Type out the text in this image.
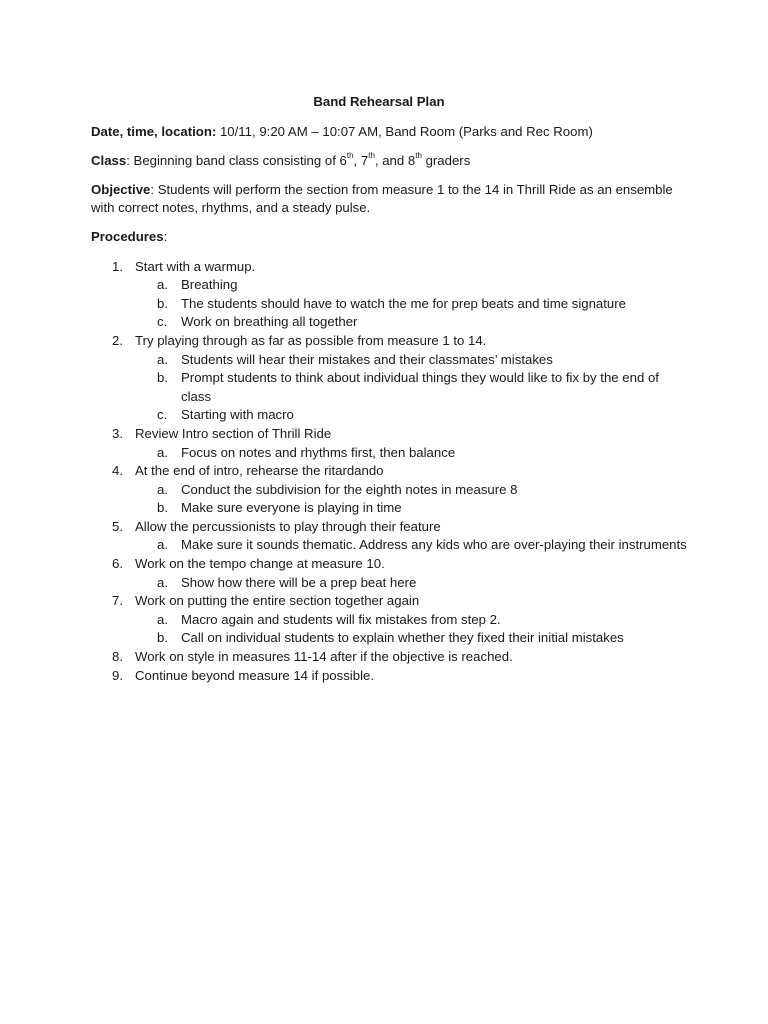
Band Rehearsal Plan
Date, time, location: 10/11, 9:20 AM – 10:07 AM, Band Room (Parks and Rec Room)
Class: Beginning band class consisting of 6th, 7th, and 8th graders
Objective: Students will perform the section from measure 1 to the 14 in Thrill Ride as an ensemble with correct notes, rhythms, and a steady pulse.
Procedures:
1. Start with a warmup.
a. Breathing
b. The students should have to watch the me for prep beats and time signature
c. Work on breathing all together
2. Try playing through as far as possible from measure 1 to 14.
a. Students will hear their mistakes and their classmates’ mistakes
b. Prompt students to think about individual things they would like to fix by the end of class
c. Starting with macro
3. Review Intro section of Thrill Ride
a. Focus on notes and rhythms first, then balance
4. At the end of intro, rehearse the ritardando
a. Conduct the subdivision for the eighth notes in measure 8
b. Make sure everyone is playing in time
5. Allow the percussionists to play through their feature
a. Make sure it sounds thematic. Address any kids who are over-playing their instruments
6. Work on the tempo change at measure 10.
a. Show how there will be a prep beat here
7. Work on putting the entire section together again
a. Macro again and students will fix mistakes from step 2.
b. Call on individual students to explain whether they fixed their initial mistakes
8. Work on style in measures 11-14 after if the objective is reached.
9. Continue beyond measure 14 if possible.
